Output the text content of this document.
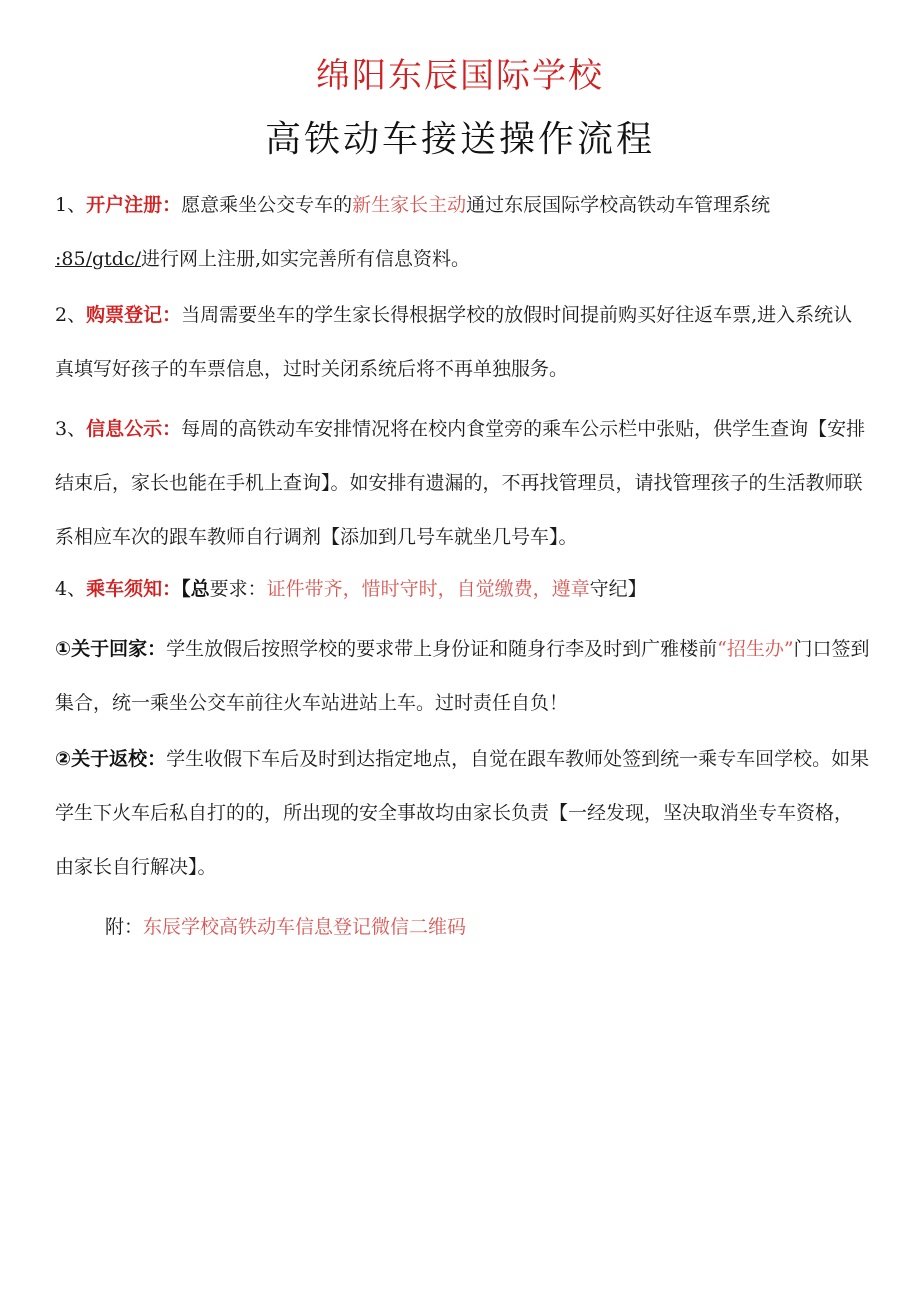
绵阳东辰国际学校
高铁动车接送操作流程
1、开户注册：愿意乘坐公交专车的新生家长主动通过东辰国际学校高铁动车管理系统
:85/gtdc/进行网上注册,如实完善所有信息资料。
2、购票登记：当周需要坐车的学生家长得根据学校的放假时间提前购买好往返车票,进入系统认真填写好孩子的车票信息，过时关闭系统后将不再单独服务。
3、信息公示：每周的高铁动车安排情况将在校内食堂旁的乘车公示栏中张贴，供学生查询【安排结束后，家长也能在手机上查询】。如安排有遗漏的，不再找管理员，请找管理孩子的生活教师联系相应车次的跟车教师自行调剂【添加到几号车就坐几号车】。
4、乘车须知：【总要求：证件带齐，惜时守时，自觉缴费，遵章守纪】
①关于回家：学生放假后按照学校的要求带上身份证和随身行李及时到广雅楼前“招生办”门口签到集合，统一乘坐公交车前往火车站进站上车。过时责任自负！
②关于返校：学生收假下车后及时到达指定地点，自觉在跟车教师处签到统一乘专车回学校。如果学生下火车后私自打的的，所出现的安全事故均由家长负责【一经发现，坚决取消坐专车资格，由家长自行解决】。
附：东辰学校高铁动车信息登记微信二维码
